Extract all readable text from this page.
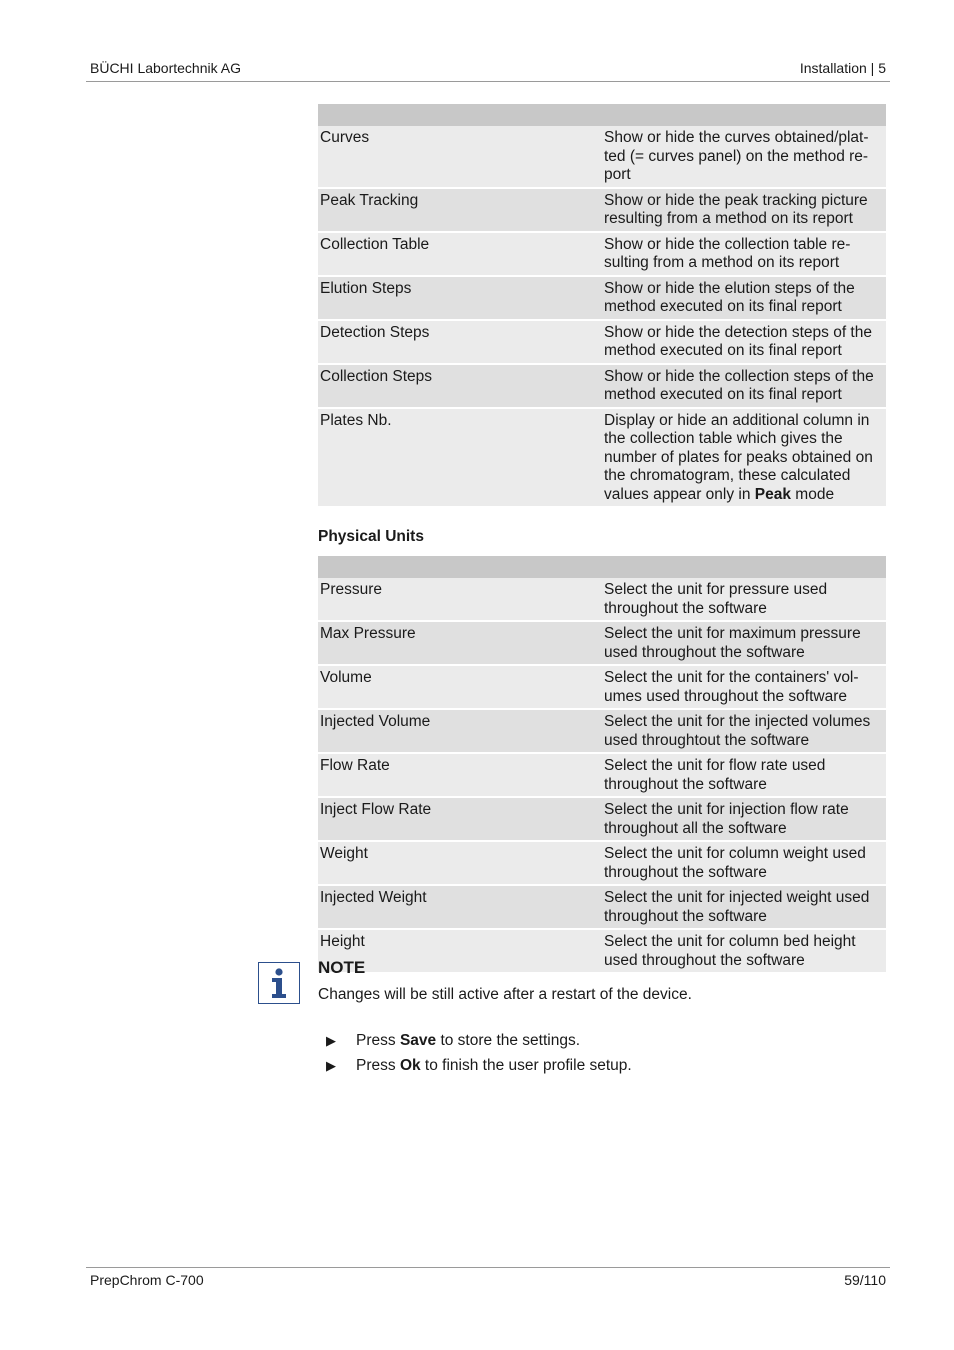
BÜCHI Labortechnik AG	Installation | 5

Curves	Show or hide the curves obtained/plat-
ted (= curves panel) on the method re-
port
Peak Tracking	Show or hide the peak tracking picture
resulting from a method on its report
Collection Table	Show or hide the collection table re-
sulting from a method on its report
Elution Steps	Show or hide the elution steps of the
method executed on its final report
Detection Steps	Show or hide the detection steps of the
method executed on its final report
Collection Steps	Show or hide the collection steps of the
method executed on its final report
Plates Nb.	Display or hide an additional column in
the collection table which gives the
number of plates for peaks obtained on
the chromatogram, these calculated
values appear only in Peak mode
Physical Units

Pressure	Select the unit for pressure used
throughout the software
Max Pressure	Select the unit for maximum pressure
used throughout the software
Volume	Select the unit for the containers' vol-
umes used throughout the software
Injected Volume	Select the unit for the injected volumes
used throughtout the software
Flow Rate	Select the unit for flow rate used
throughout the software
Inject Flow Rate	Select the unit for injection flow rate
throughout all the software
Weight	Select the unit for column weight used
throughout the software
Injected Weight	Select the unit for injected weight used
throughout the software
Height	Select the unit for column bed height
used throughout the software

NOTE

Changes will be still active after a restart of the device.

▶	Press Save to store the settings.
▶	Press Ok to finish the user profile setup.
PrepChrom C-700	59/110
